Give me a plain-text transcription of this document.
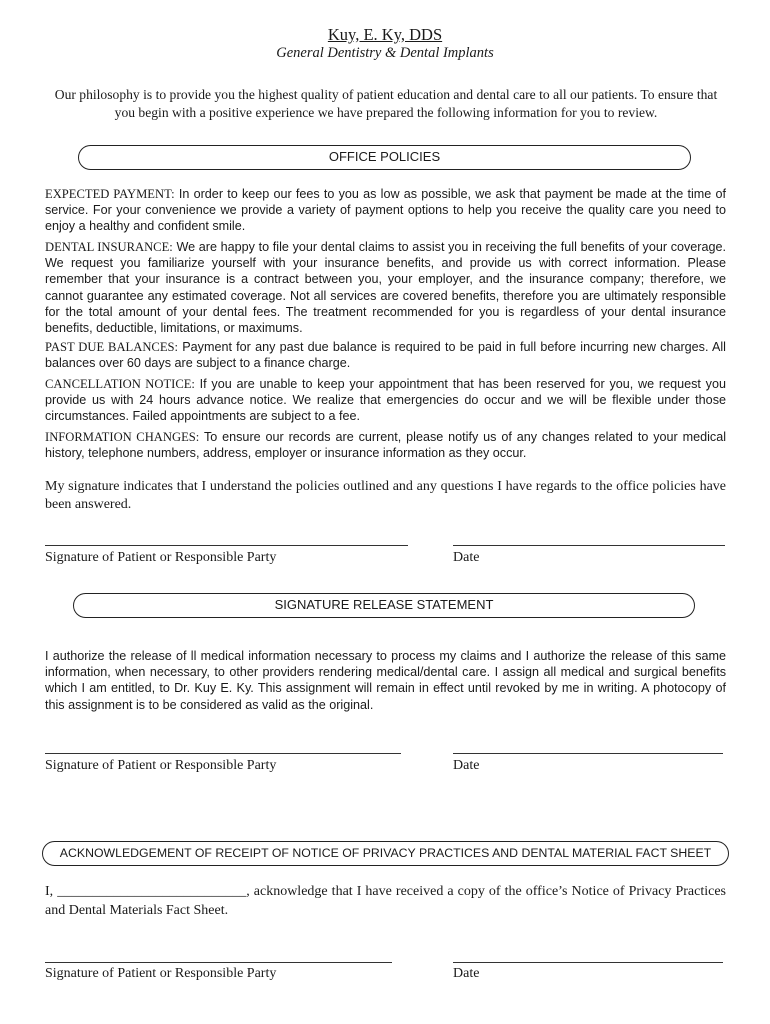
Kuy, E. Ky, DDS
General Dentistry & Dental Implants
Our philosophy is to provide you the highest quality of patient education and dental care to all our patients. To ensure that you begin with a positive experience we have prepared the following information for you to review.
OFFICE POLICIES
EXPECTED PAYMENT: In order to keep our fees to you as low as possible, we ask that payment be made at the time of service. For your convenience we provide a variety of payment options to help you receive the quality care you need to enjoy a healthy and confident smile.
DENTAL INSURANCE: We are happy to file your dental claims to assist you in receiving the full benefits of your coverage. We request you familiarize yourself with your insurance benefits, and provide us with correct information. Please remember that your insurance is a contract between you, your employer, and the insurance company; therefore, we cannot guarantee any estimated coverage. Not all services are covered benefits, therefore you are ultimately responsible for the total amount of your dental fees. The treatment recommended for you is regardless of your dental insurance benefits, deductible, limitations, or maximums.
PAST DUE BALANCES: Payment for any past due balance is required to be paid in full before incurring new charges. All balances over 60 days are subject to a finance charge.
CANCELLATION NOTICE: If you are unable to keep your appointment that has been reserved for you, we request you provide us with 24 hours advance notice. We realize that emergencies do occur and we will be flexible under those circumstances. Failed appointments are subject to a fee.
INFORMATION CHANGES: To ensure our records are current, please notify us of any changes related to your medical history, telephone numbers, address, employer or insurance information as they occur.
My signature indicates that I understand the policies outlined and any questions I have regards to the office policies have been answered.
Signature of Patient or Responsible Party	Date
SIGNATURE RELEASE STATEMENT
I authorize the release of ll medical information necessary to process my claims and I authorize the release of this same information, when necessary, to other providers rendering medical/dental care. I assign all medical and surgical benefits which I am entitled, to Dr. Kuy E. Ky. This assignment will remain in effect until revoked by me in writing. A photocopy of this assignment is to be considered as valid as the original.
Signature of Patient or Responsible Party	Date
ACKNOWLEDGEMENT OF RECEIPT OF NOTICE OF PRIVACY PRACTICES AND DENTAL MATERIAL FACT SHEET
I, ___________________________, acknowledge that I have received a copy of the office’s Notice of Privacy Practices and Dental Materials Fact Sheet.
Signature of Patient or Responsible Party	Date
